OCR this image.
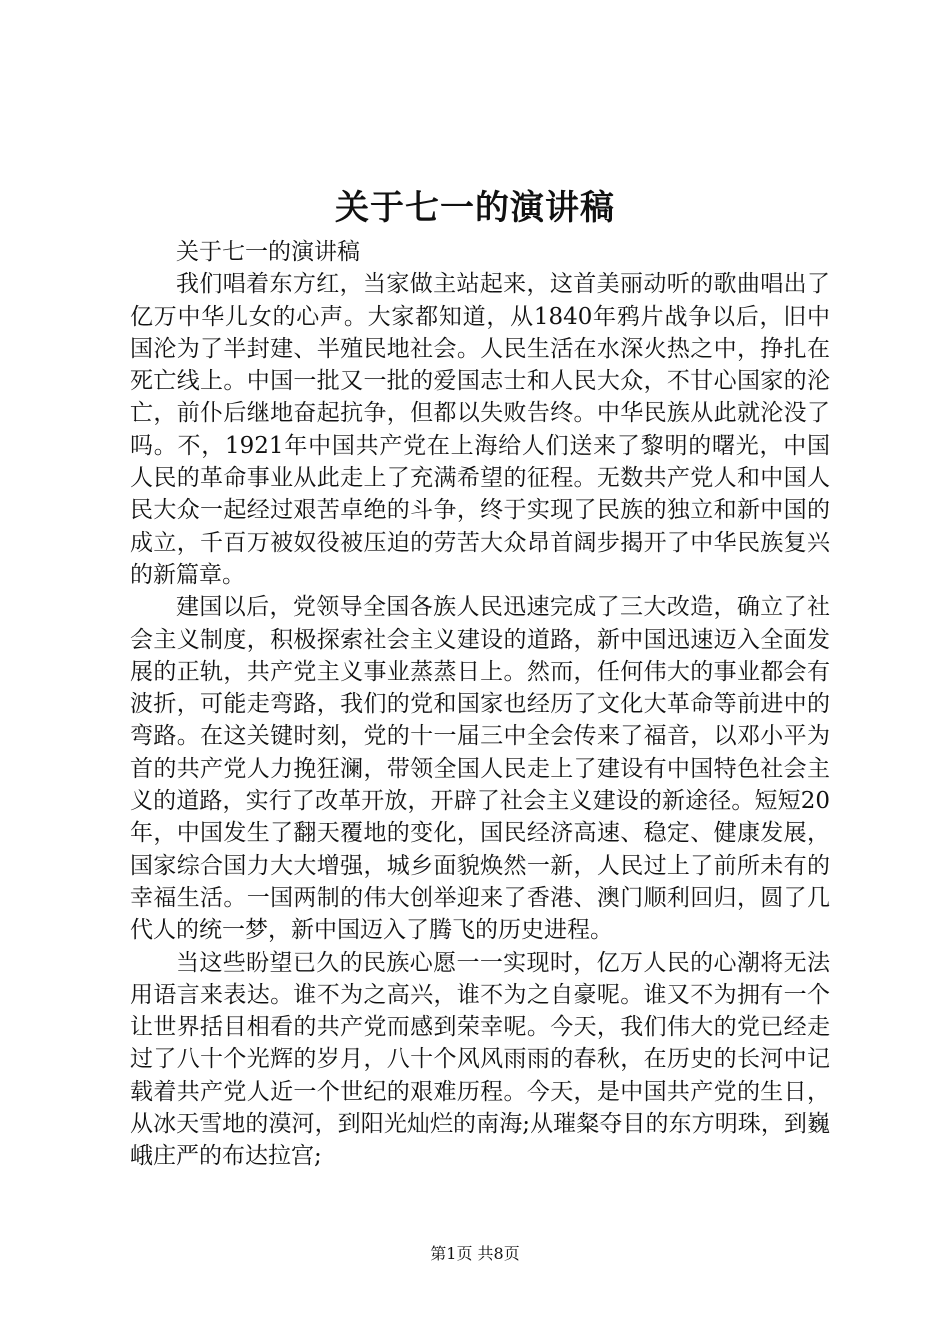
关于七一的演讲稿

关于七一的演讲稿

我们唱着东方红，当家做主站起来，这首美丽动听的歌曲唱出了亿万中华儿女的心声。大家都知道，从1840年鸦片战争以后，旧中国沦为了半封建、半殖民地社会。人民生活在水深火热之中，挣扎在死亡线上。中国一批又一批的爱国志士和人民大众，不甘心国家的沦亡，前仆后继地奋起抗争，但都以失败告终。中华民族从此就沦没了吗。不，1921年中国共产党在上海给人们送来了黎明的曙光，中国人民的革命事业从此走上了充满希望的征程。无数共产党人和中国人民大众一起经过艰苦卓绝的斗争，终于实现了民族的独立和新中国的成立，千百万被奴役被压迫的劳苦大众昂首阔步揭开了中华民族复兴的新篇章。

建国以后，党领导全国各族人民迅速完成了三大改造，确立了社会主义制度，积极探索社会主义建设的道路，新中国迅速迈入全面发展的正轨，共产党主义事业蒸蒸日上。然而，任何伟大的事业都会有波折，可能走弯路，我们的党和国家也经历了文化大革命等前进中的弯路。在这关键时刻，党的十一届三中全会传来了福音，以邓小平为首的共产党人力挽狂澜，带领全国人民走上了建设有中国特色社会主义的道路，实行了改革开放，开辟了社会主义建设的新途径。短短20年，中国发生了翻天覆地的变化，国民经济高速、稳定、健康发展，国家综合国力大大增强，城乡面貌焕然一新，人民过上了前所未有的幸福生活。一国两制的伟大创举迎来了香港、澳门顺利回归，圆了几代人的统一梦，新中国迈入了腾飞的历史进程。

当这些盼望已久的民族心愿一一实现时，亿万人民的心潮将无法用语言来表达。谁不为之高兴，谁不为之自豪呢。谁又不为拥有一个让世界括目相看的共产党而感到荣幸呢。今天，我们伟大的党已经走过了八十个光辉的岁月，八十个风风雨雨的春秋，在历史的长河中记载着共产党人近一个世纪的艰难历程。今天，是中国共产党的生日，从冰天雪地的漠河，到阳光灿烂的南海;从璀粲夺目的东方明珠，到巍峨庄严的布达拉宫;

第1页 共8页
